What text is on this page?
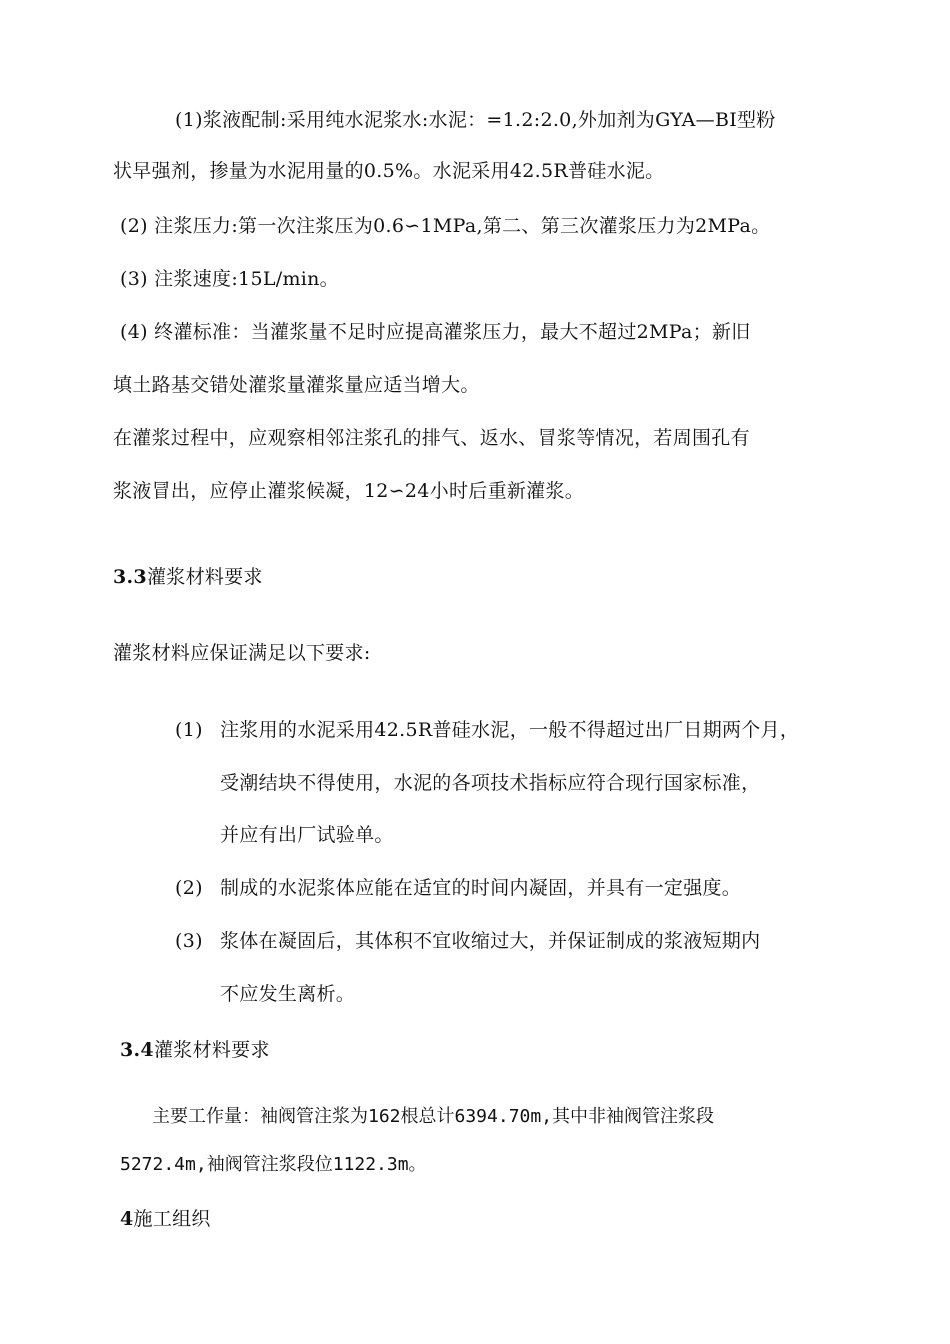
(1)浆液配制:采用纯水泥浆水:水泥：=1.2:2.0,外加剂为GYA—BI型粉
状早强剂，掺量为水泥用量的0.5%。水泥采用42.5R普硅水泥。
(2) 注浆压力:第一次注浆压为0.6∽1MPa,第二、第三次灌浆压力为2MPa。
(3) 注浆速度:15L/min。
(4) 终灌标准：当灌浆量不足时应提高灌浆压力，最大不超过2MPa；新旧
填土路基交错处灌浆量灌浆量应适当增大。
在灌浆过程中，应观察相邻注浆孔的排气、返水、冒浆等情况，若周围孔有
浆液冒出，应停止灌浆候凝，12∽24小时后重新灌浆。
3.3灌浆材料要求
灌浆材料应保证满足以下要求:
(1) 注浆用的水泥采用42.5R普硅水泥，一般不得超过出厂日期两个月，
受潮结块不得使用，水泥的各项技术指标应符合现行国家标准，
并应有出厂试验单。
(2) 制成的水泥浆体应能在适宜的时间内凝固，并具有一定强度。
(3) 浆体在凝固后，其体积不宜收缩过大，并保证制成的浆液短期内
不应发生离析。
3.4灌浆材料要求
主要工作量：袖阀管注浆为162根总计6394.70m,其中非袖阀管注浆段
5272.4m,袖阀管注浆段位1122.3m。
4施工组织
